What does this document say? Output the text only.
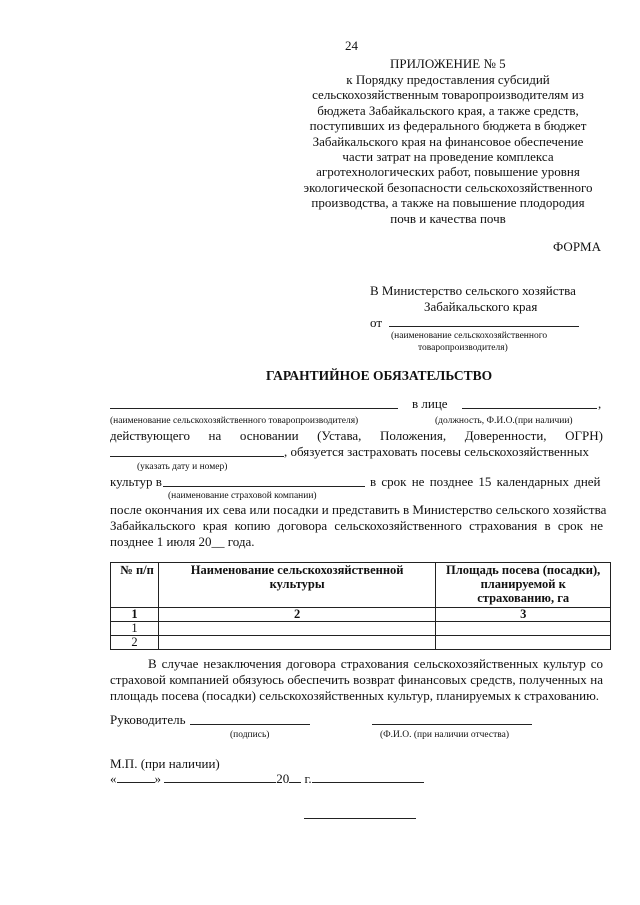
24
ПРИЛОЖЕНИЕ № 5
к Порядку предоставления субсидий
сельскохозяйственным товаропроизводителям из
бюджета Забайкальского края, а также средств,
поступивших из федерального бюджета в бюджет
Забайкальского края на финансовое обеспечение
части затрат на проведение комплекса
агротехнологических работ, повышение уровня
экологической безопасности сельскохозяйственного
производства, а также на повышение плодородия
почв и качества почв
ФОРМА
В Министерство сельского хозяйства
Забайкальского края
от
(наименование сельскохозяйственного
товаропроизводителя)
ГАРАНТИЙНОЕ ОБЯЗАТЕЛЬСТВО
в лице	,
(наименование сельскохозяйственного товаропроизводителя)	(должность, Ф.И.О.(при наличии)
действующего на основании (Устава, Положения, Доверенности, ОГРН)
, обязуется застраховать посевы сельскохозяйственных
(указать дату и номер)
культур в	в срок не позднее 15 календарных дней
(наименование страховой компании)
после окончания их сева или посадки и представить в Министерство сельского хозяйства
Забайкальского края копию договора сельскохозяйственного страхования в срок не
позднее 1 июля 20__ года.
№ п/п	Наименование сельскохозяйственной культуры	Площадь посева (посадки), планируемой к страхованию, га
1	2	3
1		
2		
В случае незаключения договора страхования сельскохозяйственных культур со
страховой компанией обязуюсь обеспечить возврат финансовых средств, полученных на
площадь посева (посадки) сельскохозяйственных культур, планируемых к страхованию.
Руководитель
(подпись)	(Ф.И.О. (при наличии отчества)
М.П. (при наличии)
«	»	20 г.
